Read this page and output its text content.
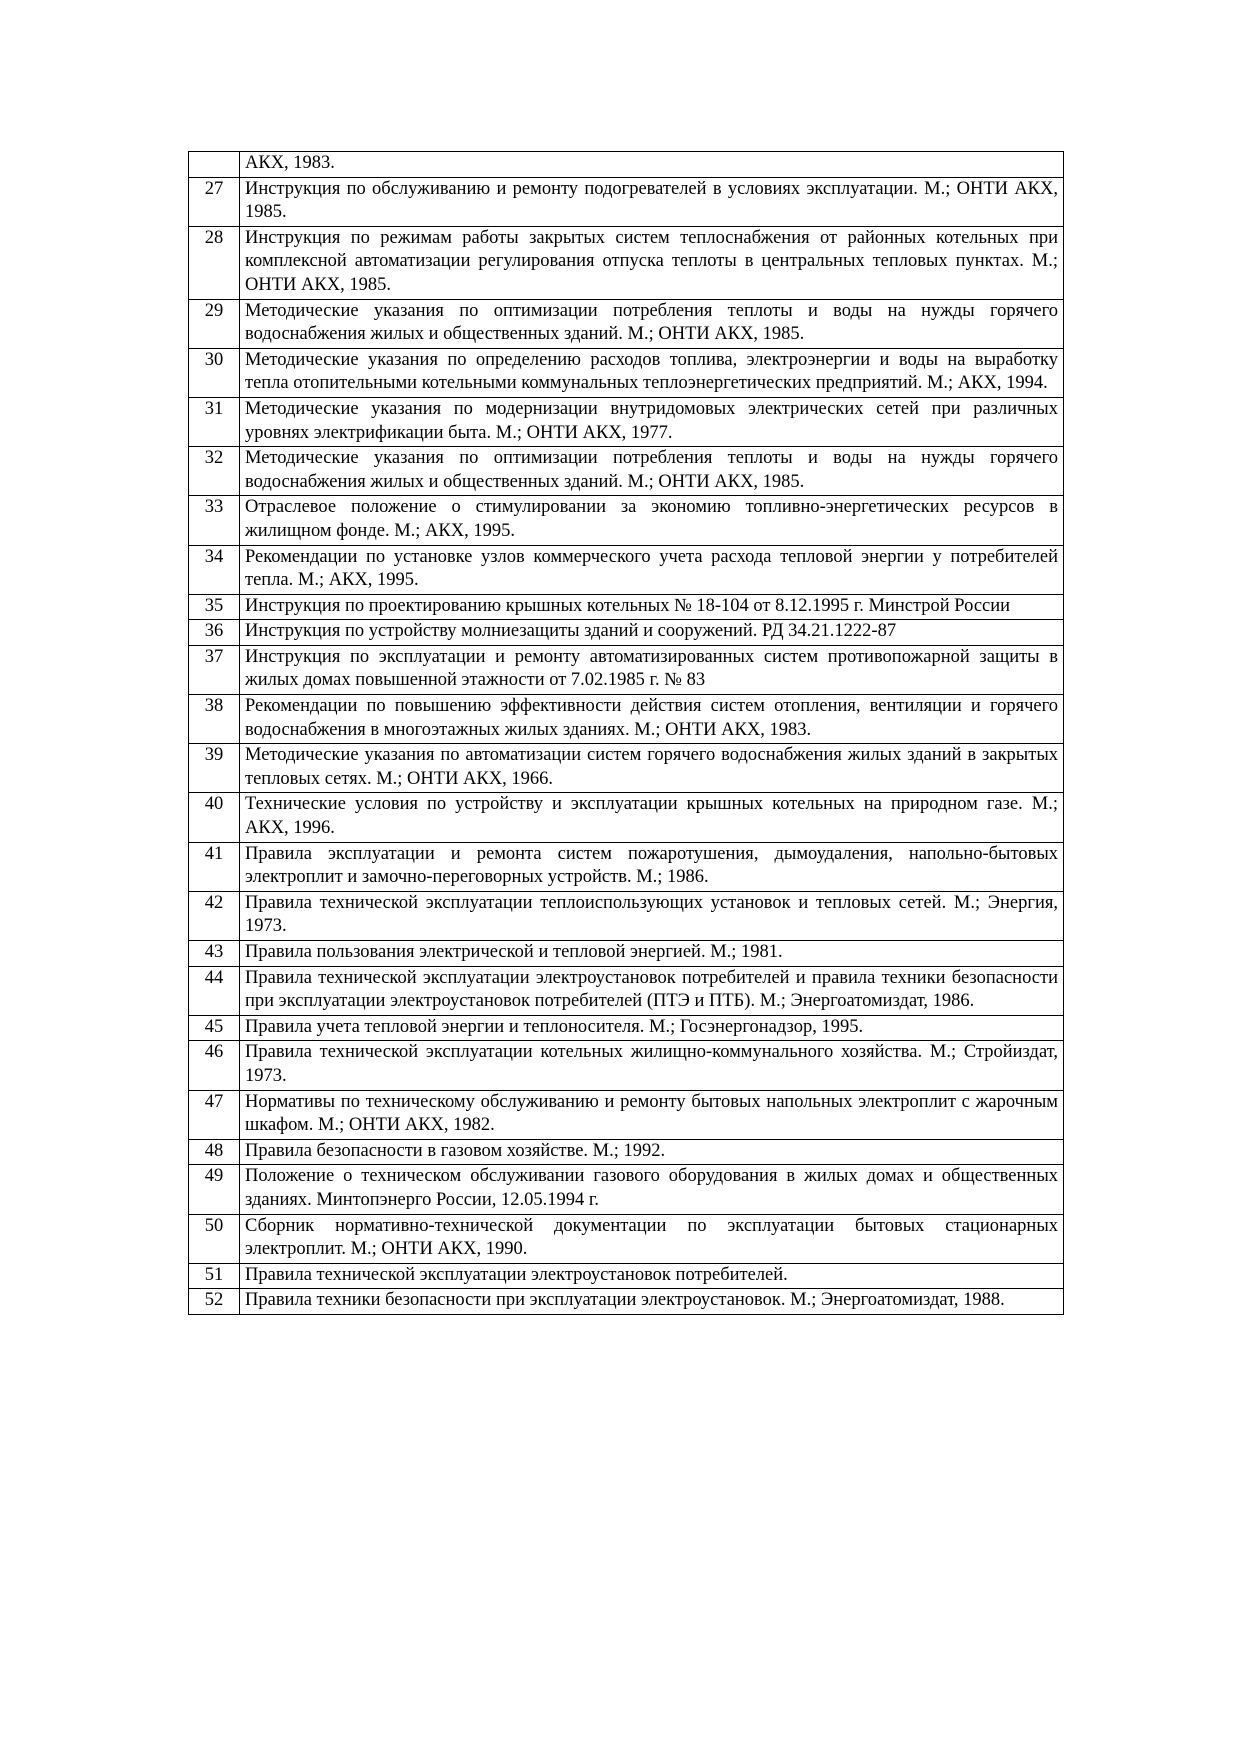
	АКХ, 1983.
27	Инструкция по обслуживанию и ремонту подогревателей в условиях эксплуатации. М.; ОНТИ АКХ, 1985.
28	Инструкция по режимам работы закрытых систем теплоснабжения от районных котельных при комплексной автоматизации регулирования отпуска теплоты в центральных тепловых пунктах. М.; ОНТИ АКХ, 1985.
29	Методические указания по оптимизации потребления теплоты и воды на нужды горячего водоснабжения жилых и общественных зданий. М.; ОНТИ АКХ, 1985.
30	Методические указания по определению расходов топлива, электроэнергии и воды на выработку тепла отопительными котельными коммунальных теплоэнергетических предприятий. М.; АКХ, 1994.
31	Методические указания по модернизации внутридомовых электрических сетей при различных уровнях электрификации быта. М.; ОНТИ АКХ, 1977.
32	Методические указания по оптимизации потребления теплоты и воды на нужды горячего водоснабжения жилых и общественных зданий. М.; ОНТИ АКХ, 1985.
33	Отраслевое положение о стимулировании за экономию топливно-энергетических ресурсов в жилищном фонде. М.; АКХ, 1995.
34	Рекомендации по установке узлов коммерческого учета расхода тепловой энергии у потребителей тепла. М.; АКХ, 1995.
35	Инструкция по проектированию крышных котельных № 18-104 от 8.12.1995 г. Минстрой России
36	Инструкция по устройству молниезащиты зданий и сооружений. РД 34.21.1222-87
37	Инструкция по эксплуатации и ремонту автоматизированных систем противопожарной защиты в жилых домах повышенной этажности от 7.02.1985 г. № 83
38	Рекомендации по повышению эффективности действия систем отопления, вентиляции и горячего водоснабжения в многоэтажных жилых зданиях. М.; ОНТИ АКХ, 1983.
39	Методические указания по автоматизации систем горячего водоснабжения жилых зданий в закрытых тепловых сетях. М.; ОНТИ АКХ, 1966.
40	Технические условия по устройству и эксплуатации крышных котельных на природном газе. М.; АКХ, 1996.
41	Правила эксплуатации и ремонта систем пожаротушения, дымоудаления, напольно-бытовых электроплит и замочно-переговорных устройств. М.; 1986.
42	Правила технической эксплуатации теплоиспользующих установок и тепловых сетей. М.; Энергия, 1973.
43	Правила пользования электрической и тепловой энергией. М.; 1981.
44	Правила технической эксплуатации электроустановок потребителей и правила техники безопасности при эксплуатации электроустановок потребителей (ПТЭ и ПТБ). М.; Энергоатомиздат, 1986.
45	Правила учета тепловой энергии и теплоносителя. М.; Госэнергонадзор, 1995.
46	Правила технической эксплуатации котельных жилищно-коммунального хозяйства. М.; Стройиздат, 1973.
47	Нормативы по техническому обслуживанию и ремонту бытовых напольных электроплит с жарочным шкафом. М.; ОНТИ АКХ, 1982.
48	Правила безопасности в газовом хозяйстве. М.; 1992.
49	Положение о техническом обслуживании газового оборудования в жилых домах и общественных зданиях. Минтопэнерго России, 12.05.1994 г.
50	Сборник нормативно-технической документации по эксплуатации бытовых стационарных электроплит. М.; ОНТИ АКХ, 1990.
51	Правила технической эксплуатации электроустановок потребителей.
52	Правила техники безопасности при эксплуатации электроустановок. М.; Энергоатомиздат, 1988.
